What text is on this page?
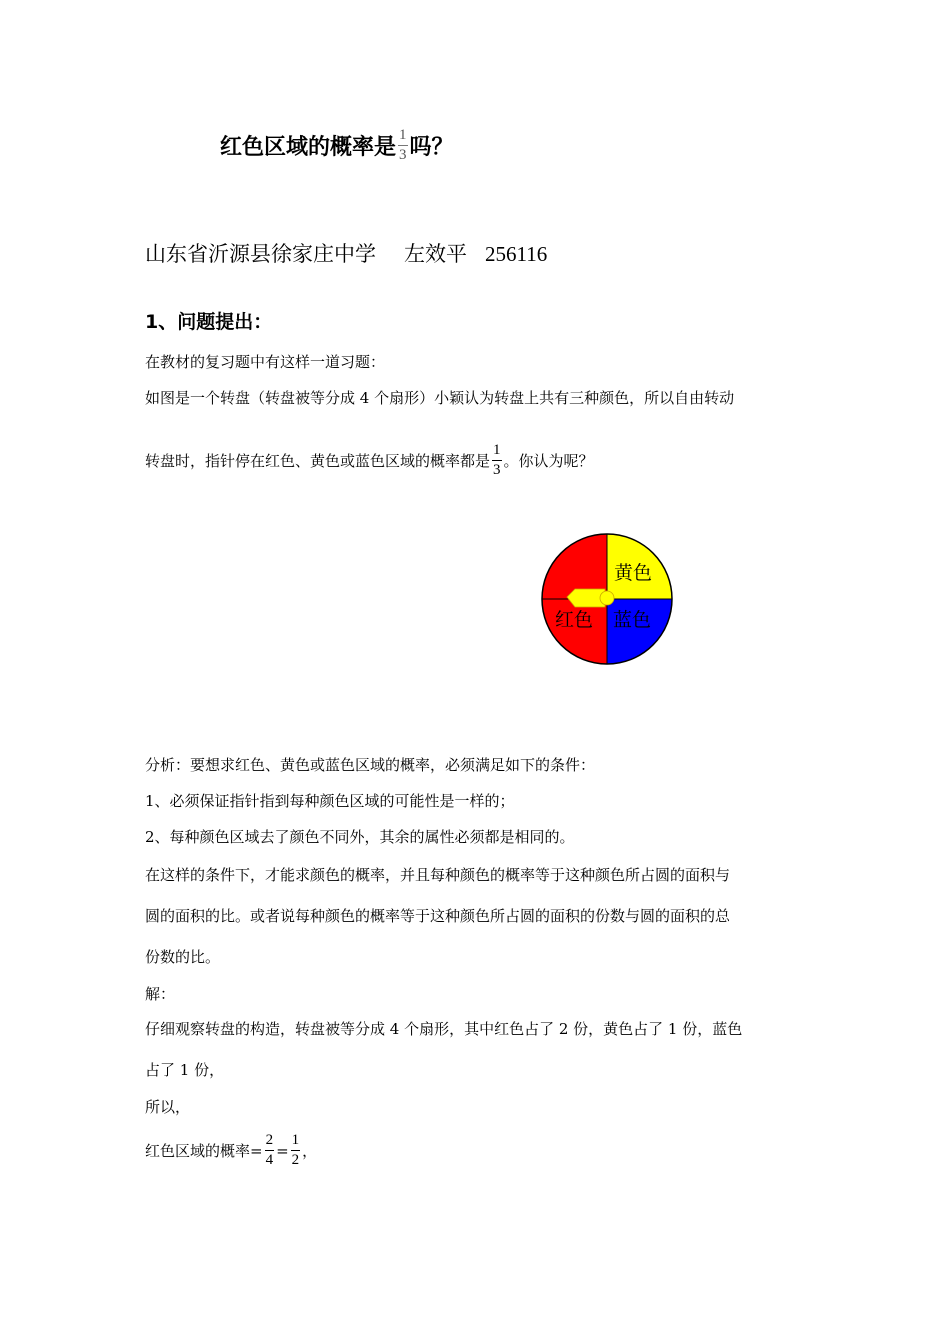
红色区域的概率是 $\frac{1}{3}$ 吗？
山东省沂源县徐家庄中学 左效平 256116
1、问题提出：
在教材的复习题中有这样一道习题：
如图是一个转盘（转盘被等分成 4 个扇形）小颖认为转盘上共有三种颜色，所以自由转动
转盘时，指针停在红色、黄色或蓝色区域的概率都是 $\frac{1}{3}$ 。你认为呢？
黄色
红色 蓝色
分析：要想求红色、黄色或蓝色区域的概率，必须满足如下的条件：
1、必须保证指针指到每种颜色区域的可能性是一样的；
2、每种颜色区域去了颜色不同外，其余的属性必须都是相同的。
在这样的条件下，才能求颜色的概率，并且每种颜色的概率等于这种颜色所占圆的面积与
圆的面积的比。或者说每种颜色的概率等于这种颜色所占圆的面积的份数与圆的面积的总
份数的比。
解：
仔细观察转盘的构造，转盘被等分成 4 个扇形，其中红色占了 2 份，黄色占了 1 份，蓝色
占了 1 份，
所以，
红色区域的概率= $\frac{2}{4} = \frac{1}{2}$ ，
